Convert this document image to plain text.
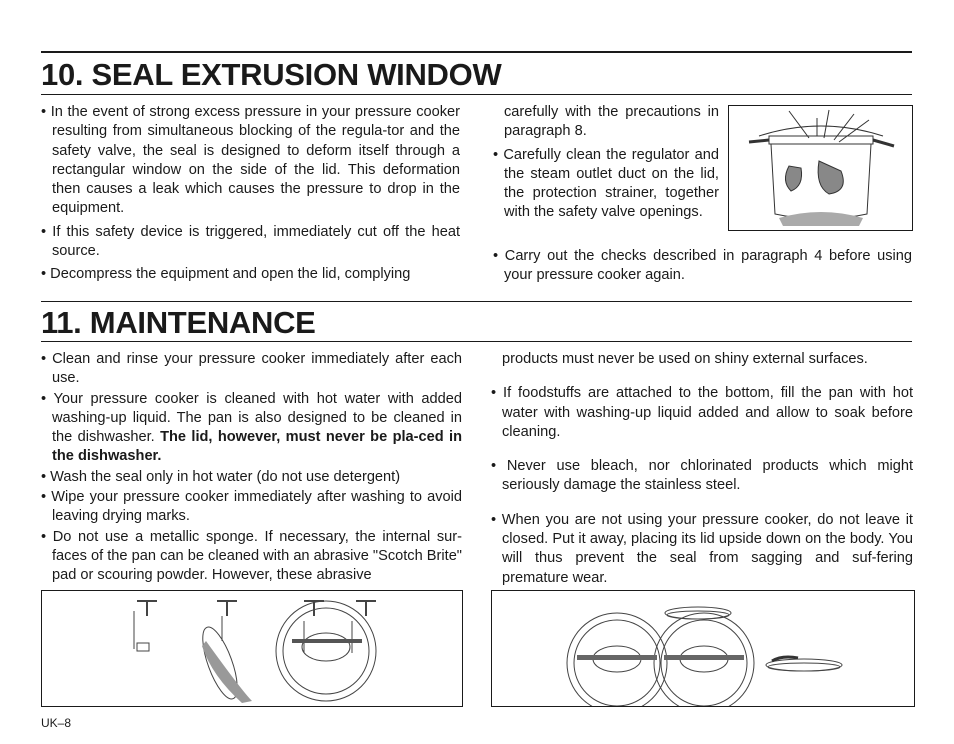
10. SEAL EXTRUSION WINDOW

• In the event of strong excess pressure in your pressure cooker resulting from simultaneous blocking of the regula-tor and the safety valve, the seal is designed to deform itself through a rectangular window on the side of the lid. This deformation then causes a leak which causes the pressure to drop in the equipment.

• If this safety device is triggered, immediately cut off the heat source.

• Decompress the equipment and open the lid, complying

carefully with the precautions in paragraph 8.

• Carefully clean the regulator and the steam outlet duct on the lid, the protection strainer, together with the safety valve openings.

• Carry out the checks described in paragraph 4 before using your pressure cooker again.

11. MAINTENANCE

• Clean and rinse your pressure cooker immediately after each use.

• Your pressure cooker is cleaned with hot water with added washing-up liquid. The pan is also designed to be cleaned in the dishwasher. The lid, however, must never be pla-ced in the dishwasher.

• Wash the seal only in hot water (do not use detergent)

• Wipe your pressure cooker immediately after washing to avoid leaving drying marks.

• Do not use a metallic sponge. If necessary, the internal sur-faces of the pan can be cleaned with an abrasive "Scotch Brite" pad or scouring powder. However, these abrasive

products must never be used on shiny external surfaces.

• If foodstuffs are attached to the bottom, fill the pan with hot water with washing-up liquid added and allow to soak before cleaning.

• Never use bleach, nor chlorinated products which might seriously damage the stainless steel.

• When you are not using your pressure cooker, do not leave it closed. Put it away, placing its lid upside down on the body. You will thus prevent the seal from sagging and suf-fering premature wear.

UK–8
